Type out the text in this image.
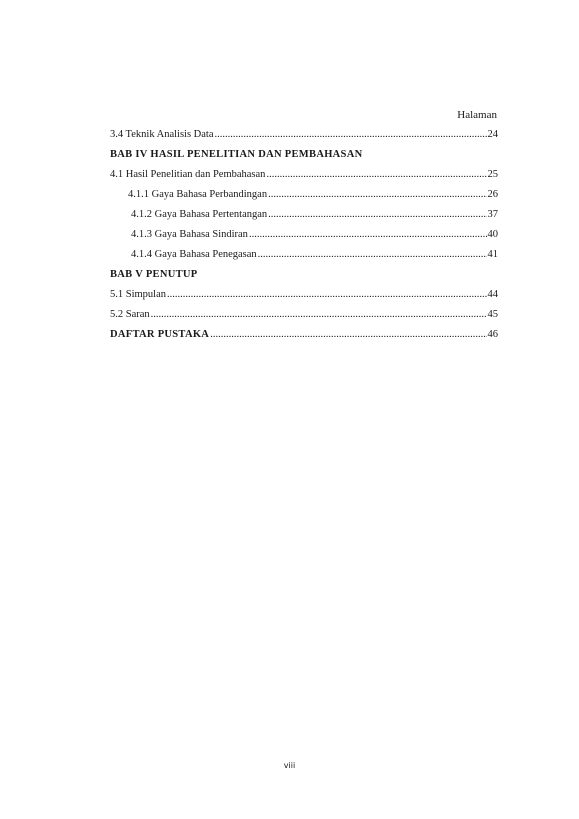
Halaman
3.4 Teknik Analisis Data .....	24
BAB IV HASIL PENELITIAN DAN PEMBAHASAN
4.1 Hasil Penelitian dan Pembahasan .....	25
4.1.1 Gaya Bahasa Perbandingan .....	26
4.1.2 Gaya Bahasa Pertentangan .....	37
4.1.3 Gaya Bahasa Sindiran .....	40
4.1.4 Gaya Bahasa Penegasan .....	41
BAB V PENUTUP
5.1 Simpulan .....	44
5.2 Saran .....	45
DAFTAR PUSTAKA .....	46
viii
